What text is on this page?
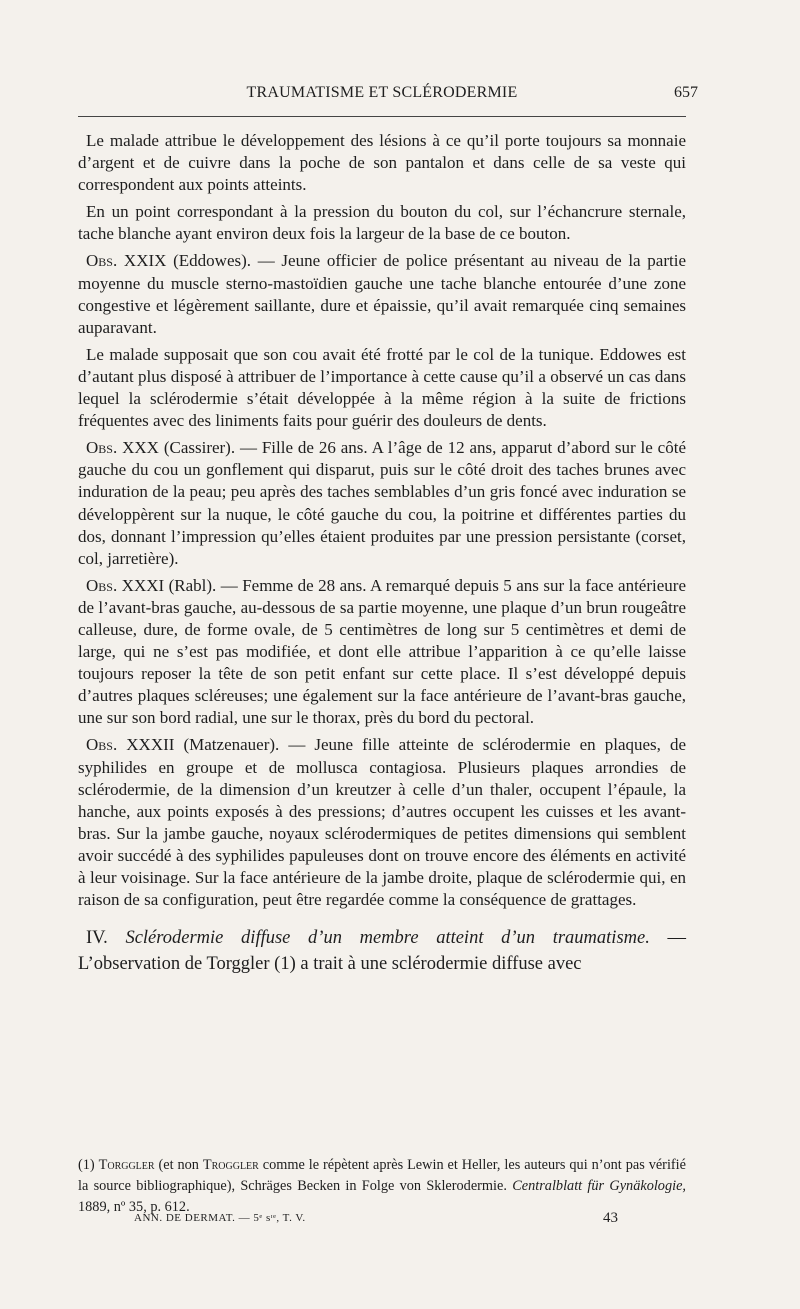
TRAUMATISME ET SCLÉRODERMIE	657

Le malade attribue le développement des lésions à ce qu’il porte toujours sa monnaie d’argent et de cuivre dans la poche de son pantalon et dans celle de sa veste qui correspondent aux points atteints.

En un point correspondant à la pression du bouton du col, sur l’échancrure sternale, tache blanche ayant environ deux fois la largeur de la base de ce bouton.

Obs. XXIX (Eddowes). — Jeune officier de police présentant au niveau de la partie moyenne du muscle sterno-mastoïdien gauche une tache blanche entourée d’une zone congestive et légèrement saillante, dure et épaissie, qu’il avait remarquée cinq semaines auparavant.

Le malade supposait que son cou avait été frotté par le col de la tunique. Eddowes est d’autant plus disposé à attribuer de l’importance à cette cause qu’il a observé un cas dans lequel la sclérodermie s’était développée à la même région à la suite de frictions fréquentes avec des liniments faits pour guérir des douleurs de dents.

Obs. XXX (Cassirer). — Fille de 26 ans. A l’âge de 12 ans, apparut d’abord sur le côté gauche du cou un gonflement qui disparut, puis sur le côté droit des taches brunes avec induration de la peau; peu après des taches semblables d’un gris foncé avec induration se développèrent sur la nuque, le côté gauche du cou, la poitrine et différentes parties du dos, donnant l’impression qu’elles étaient produites par une pression persistante (corset, col, jarretière).

Obs. XXXI (Rabl). — Femme de 28 ans. A remarqué depuis 5 ans sur la face antérieure de l’avant-bras gauche, au-dessous de sa partie moyenne, une plaque d’un brun rougeâtre calleuse, dure, de forme ovale, de 5 centimètres de long sur 5 centimètres et demi de large, qui ne s’est pas modifiée, et dont elle attribue l’apparition à ce qu’elle laisse toujours reposer la tête de son petit enfant sur cette place. Il s’est développé depuis d’autres plaques scléreuses; une également sur la face antérieure de l’avant-bras gauche, une sur son bord radial, une sur le thorax, près du bord du pectoral.

Obs. XXXII (Matzenauer). — Jeune fille atteinte de sclérodermie en plaques, de syphilides en groupe et de mollusca contagiosa. Plusieurs plaques arrondies de sclérodermie, de la dimension d’un kreutzer à celle d’un thaler, occupent l’épaule, la hanche, aux points exposés à des pressions; d’autres occupent les cuisses et les avant-bras. Sur la jambe gauche, noyaux sclérodermiques de petites dimensions qui semblent avoir succédé à des syphilides papuleuses dont on trouve encore des éléments en activité à leur voisinage. Sur la face antérieure de la jambe droite, plaque de sclérodermie qui, en raison de sa configuration, peut être regardée comme la conséquence de grattages.

IV. Sclérodermie diffuse d’un membre atteint d’un traumatisme. — L’observation de Torggler (1) a trait à une sclérodermie diffuse avec

(1) Torggler (et non Troggler comme le répètent après Lewin et Heller, les auteurs qui n’ont pas vérifié la source bibliographique), Schräges Becken in Folge von Sklerodermie. Centralblatt für Gynäkologie, 1889, nº 35, p. 612.
ANN. DE DERMAT. — 5ᵉ sᶦᵉ, T. V.	43
